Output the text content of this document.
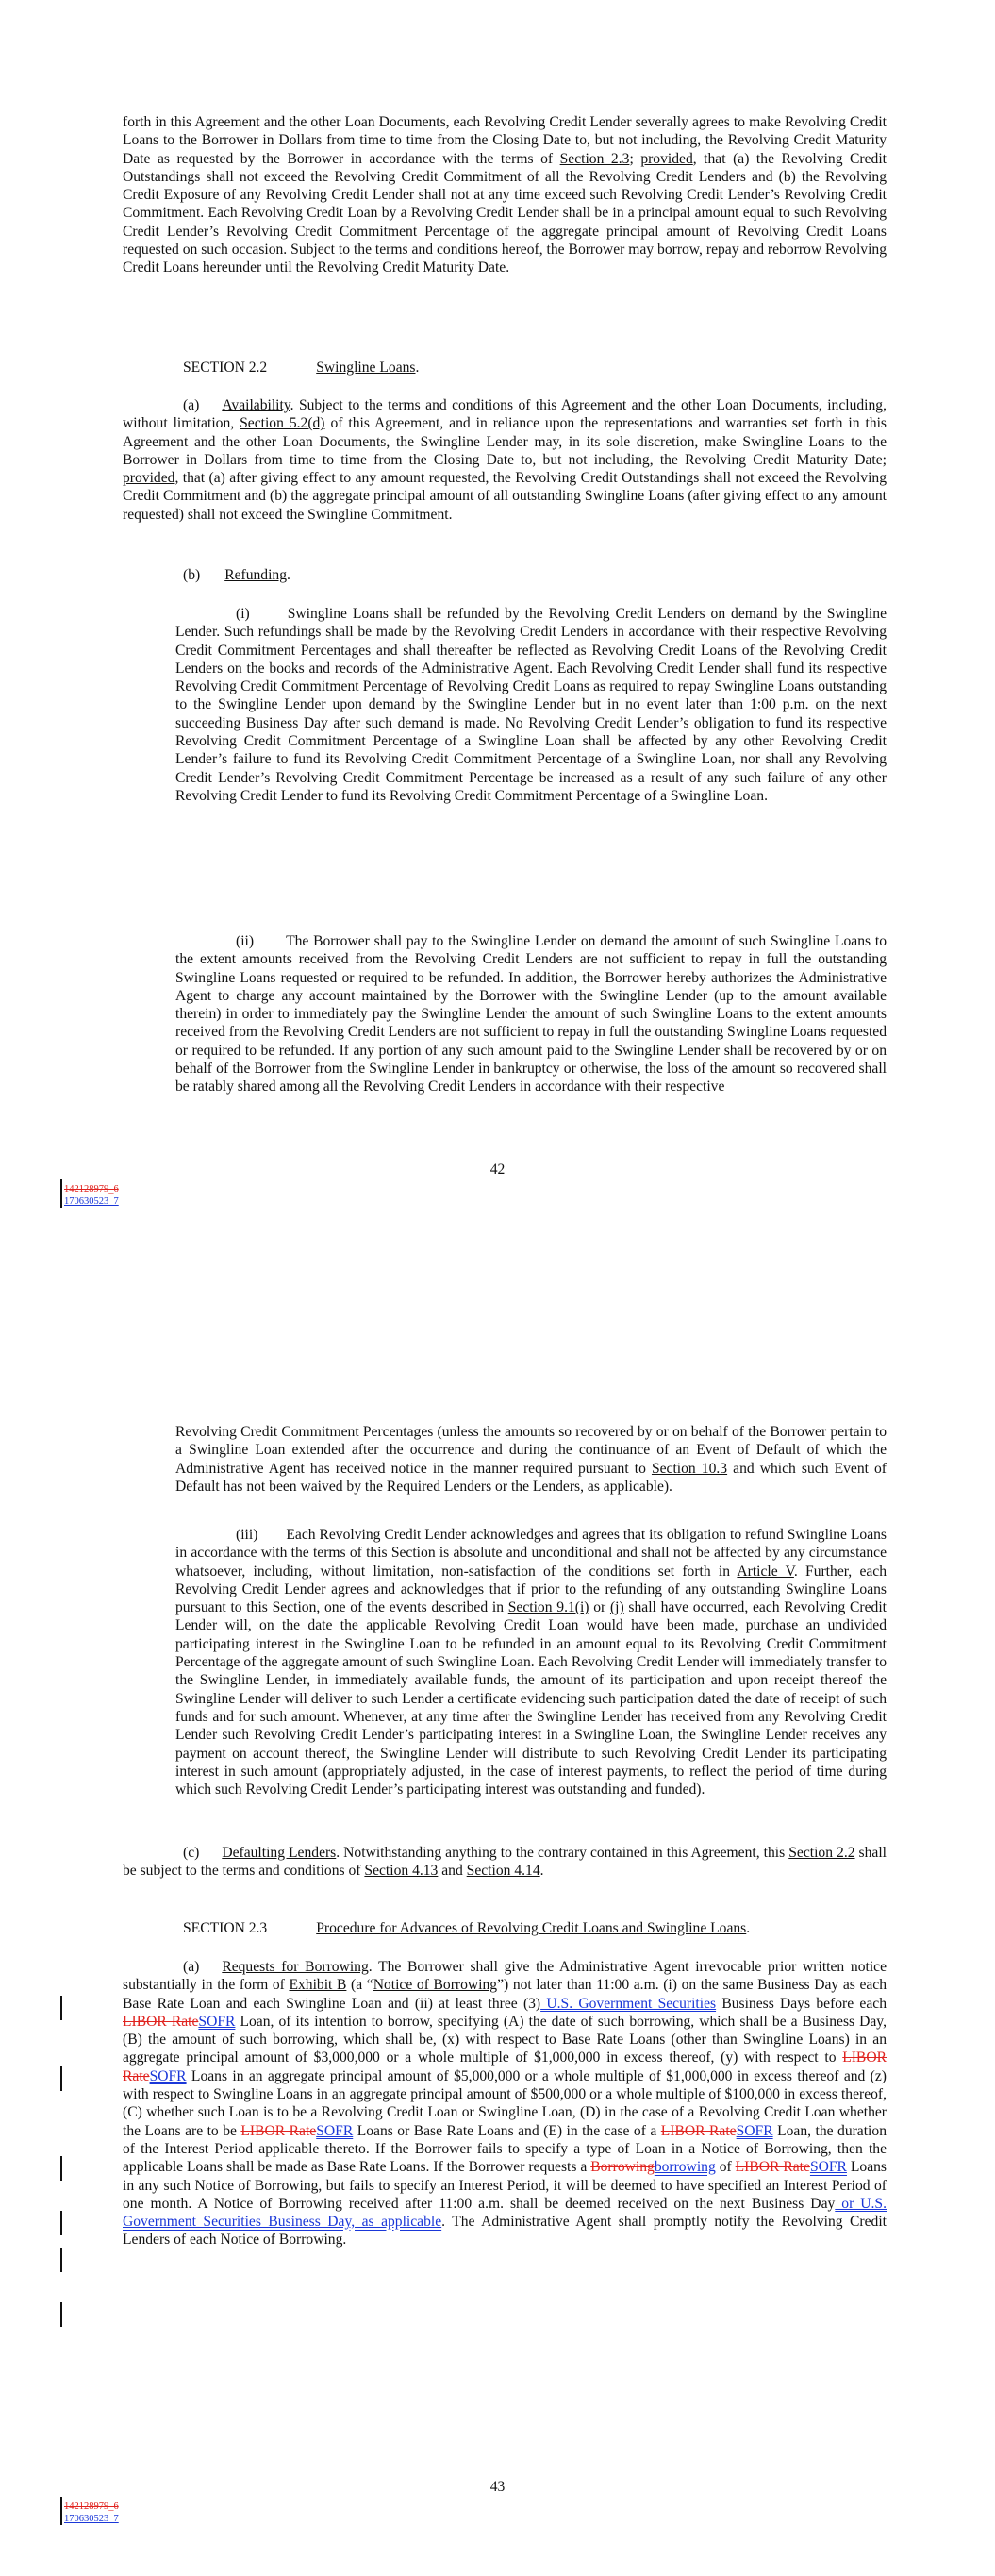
forth in this Agreement and the other Loan Documents, each Revolving Credit Lender severally agrees to make Revolving Credit Loans to the Borrower in Dollars from time to time from the Closing Date to, but not including, the Revolving Credit Maturity Date as requested by the Borrower in accordance with the terms of Section 2.3; provided, that (a) the Revolving Credit Outstandings shall not exceed the Revolving Credit Commitment of all the Revolving Credit Lenders and (b) the Revolving Credit Exposure of any Revolving Credit Lender shall not at any time exceed such Revolving Credit Lender’s Revolving Credit Commitment. Each Revolving Credit Loan by a Revolving Credit Lender shall be in a principal amount equal to such Revolving Credit Lender’s Revolving Credit Commitment Percentage of the aggregate principal amount of Revolving Credit Loans requested on such occasion. Subject to the terms and conditions hereof, the Borrower may borrow, repay and reborrow Revolving Credit Loans hereunder until the Revolving Credit Maturity Date.

SECTION 2.2	Swingline Loans.

(a) Availability. Subject to the terms and conditions of this Agreement and the other Loan Documents, including, without limitation, Section 5.2(d) of this Agreement, and in reliance upon the representations and warranties set forth in this Agreement and the other Loan Documents, the Swingline Lender may, in its sole discretion, make Swingline Loans to the Borrower in Dollars from time to time from the Closing Date to, but not including, the Revolving Credit Maturity Date; provided, that (a) after giving effect to any amount requested, the Revolving Credit Outstandings shall not exceed the Revolving Credit Commitment and (b) the aggregate principal amount of all outstanding Swingline Loans (after giving effect to any amount requested) shall not exceed the Swingline Commitment.

(b) Refunding.

(i)	Swingline Loans shall be refunded by the Revolving Credit Lenders on demand by the Swingline Lender. Such refundings shall be made by the Revolving Credit Lenders in accordance with their respective Revolving Credit Commitment Percentages and shall thereafter be reflected as Revolving Credit Loans of the Revolving Credit Lenders on the books and records of the Administrative Agent. Each Revolving Credit Lender shall fund its respective Revolving Credit Commitment Percentage of Revolving Credit Loans as required to repay Swingline Loans outstanding to the Swingline Lender upon demand by the Swingline Lender but in no event later than 1:00 p.m. on the next succeeding Business Day after such demand is made. No Revolving Credit Lender’s obligation to fund its respective Revolving Credit Commitment Percentage of a Swingline Loan shall be affected by any other Revolving Credit Lender’s failure to fund its Revolving Credit Commitment Percentage of a Swingline Loan, nor shall any Revolving Credit Lender’s Revolving Credit Commitment Percentage be increased as a result of any such failure of any other Revolving Credit Lender to fund its Revolving Credit Commitment Percentage of a Swingline Loan.

(ii) The Borrower shall pay to the Swingline Lender on demand the amount of such Swingline Loans to the extent amounts received from the Revolving Credit Lenders are not sufficient to repay in full the outstanding Swingline Loans requested or required to be refunded. In addition, the Borrower hereby authorizes the Administrative Agent to charge any account maintained by the Borrower with the Swingline Lender (up to the amount available therein) in order to immediately pay the Swingline Lender the amount of such Swingline Loans to the extent amounts received from the Revolving Credit Lenders are not sufficient to repay in full the outstanding Swingline Loans requested or required to be refunded. If any portion of any such amount paid to the Swingline Lender shall be recovered by or on behalf of the Borrower from the Swingline Lender in bankruptcy or otherwise, the loss of the amount so recovered shall be ratably shared among all the Revolving Credit Lenders in accordance with their respective

42

142128979_6
170630523_7

Revolving Credit Commitment Percentages (unless the amounts so recovered by or on behalf of the Borrower pertain to a Swingline Loan extended after the occurrence and during the continuance of an Event of Default of which the Administrative Agent has received notice in the manner required pursuant to Section 10.3 and which such Event of Default has not been waived by the Required Lenders or the Lenders, as applicable).

(iii) Each Revolving Credit Lender acknowledges and agrees that its obligation to refund Swingline Loans in accordance with the terms of this Section is absolute and unconditional and shall not be affected by any circumstance whatsoever, including, without limitation, non-satisfaction of the conditions set forth in Article V. Further, each Revolving Credit Lender agrees and acknowledges that if prior to the refunding of any outstanding Swingline Loans pursuant to this Section, one of the events described in Section 9.1(i) or (j) shall have occurred, each Revolving Credit Lender will, on the date the applicable Revolving Credit Loan would have been made, purchase an undivided participating interest in the Swingline Loan to be refunded in an amount equal to its Revolving Credit Commitment Percentage of the aggregate amount of such Swingline Loan. Each Revolving Credit Lender will immediately transfer to the Swingline Lender, in immediately available funds, the amount of its participation and upon receipt thereof the Swingline Lender will deliver to such Lender a certificate evidencing such participation dated the date of receipt of such funds and for such amount. Whenever, at any time after the Swingline Lender has received from any Revolving Credit Lender such Revolving Credit Lender’s participating interest in a Swingline Loan, the Swingline Lender receives any payment on account thereof, the Swingline Lender will distribute to such Revolving Credit Lender its participating interest in such amount (appropriately adjusted, in the case of interest payments, to reflect the period of time during which such Revolving Credit Lender’s participating interest was outstanding and funded).

(c) Defaulting Lenders. Notwithstanding anything to the contrary contained in this Agreement, this Section 2.2 shall be subject to the terms and conditions of Section 4.13 and Section 4.14.

SECTION 2.3	Procedure for Advances of Revolving Credit Loans and Swingline Loans.

(a) Requests for Borrowing. The Borrower shall give the Administrative Agent irrevocable prior written notice substantially in the form of Exhibit B (a “Notice of Borrowing”) not later than 11:00 a.m. (i) on the same Business Day as each Base Rate Loan and each Swingline Loan and (ii) at least three (3) U.S. Government Securities Business Days before each LIBOR RateSOFR Loan, of its intention to borrow, specifying (A) the date of such borrowing, which shall be a Business Day, (B) the amount of such borrowing, which shall be, (x) with respect to Base Rate Loans (other than Swingline Loans) in an aggregate principal amount of $3,000,000 or a whole multiple of $1,000,000 in excess thereof, (y) with respect to LIBOR RateSOFR Loans in an aggregate principal amount of $5,000,000 or a whole multiple of $1,000,000 in excess thereof and (z) with respect to Swingline Loans in an aggregate principal amount of $500,000 or a whole multiple of $100,000 in excess thereof, (C) whether such Loan is to be a Revolving Credit Loan or Swingline Loan, (D) in the case of a Revolving Credit Loan whether the Loans are to be LIBOR RateSOFR Loans or Base Rate Loans and (E) in the case of a LIBOR RateSOFR Loan, the duration of the Interest Period applicable thereto. If the Borrower fails to specify a type of Loan in a Notice of Borrowing, then the applicable Loans shall be made as Base Rate Loans. If the Borrower requests a Borrowingborrowing of LIBOR RateSOFR Loans in any such Notice of Borrowing, but fails to specify an Interest Period, it will be deemed to have specified an Interest Period of one month. A Notice of Borrowing received after 11:00 a.m. shall be deemed received on the next Business Day or U.S. Government Securities Business Day, as applicable. The Administrative Agent shall promptly notify the Revolving Credit Lenders of each Notice of Borrowing.

43

142128979_6
170630523_7
